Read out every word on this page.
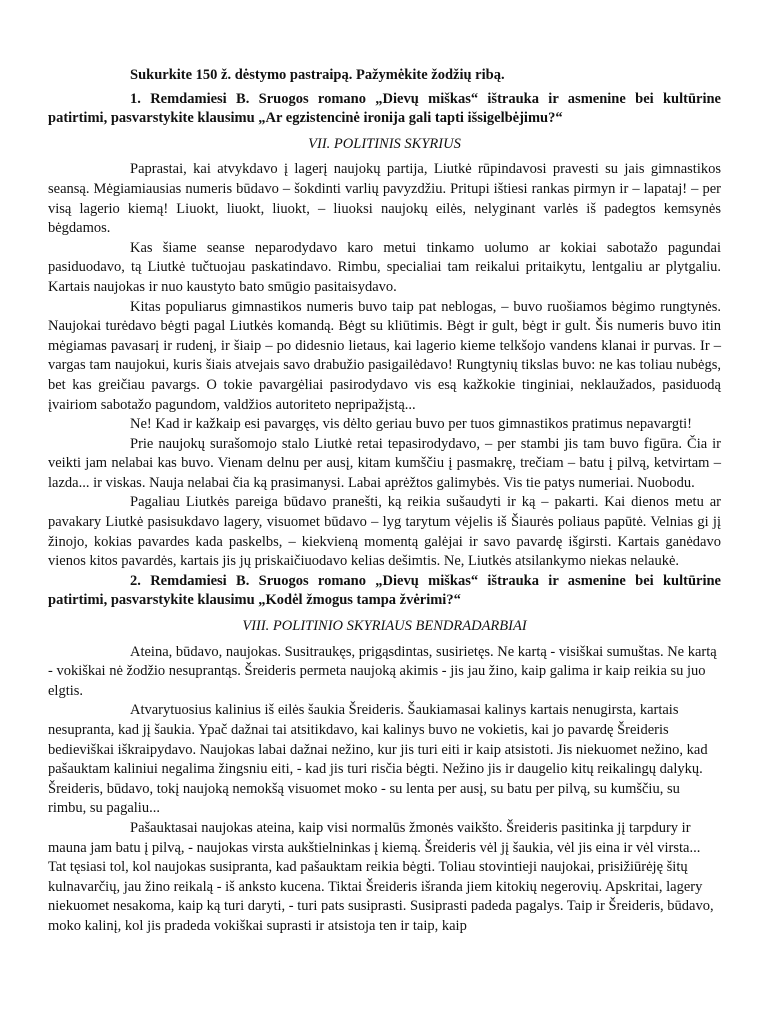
Sukurkite 150 ž. dėstymo pastraipą. Pažymėkite žodžių ribą.

1. Remdamiesi B. Sruogos romano „Dievų miškas“ ištrauka ir asmenine bei kultūrine patirtimi, pasvarstykite klausimu „Ar egzistencinė ironija gali tapti išsigelbėjimu?“

VII. POLITINIS SKYRIUS

Paprastai, kai atvykdavo į lagerį naujokų partija, Liutkė rūpindavosi pravesti su jais gimnastikos seansą. Mėgiamiausias numeris būdavo – šokdinti varlių pavyzdžiu. Pritupi ištiesi rankas pirmyn ir – lapataj! – per visą lagerio kiemą! Liuokt, liuokt, liuokt, – liuoksi naujokų eilės, nelyginant varlės iš padegtos kemsynės bėgdamos.

Kas šiame seanse neparodydavo karo metui tinkamo uolumo ar kokiai sabotažo pagundai pasiduodavo, tą Liutkė tučtuojau paskatindavo. Rimbu, specialiai tam reikalui pritaikytu, lentgaliu ar plytgaliu. Kartais naujokas ir nuo kaustyto bato smūgio pasitaisydavo.

Kitas populiarus gimnastikos numeris buvo taip pat neblogas, – buvo ruošiamos bėgimo rungtynės. Naujokai turėdavo bėgti pagal Liutkės komandą. Bėgt su kliūtimis. Bėgt ir gult, bėgt ir gult. Šis numeris buvo itin mėgiamas pavasarį ir rudenį, ir šiaip – po didesnio lietaus, kai lagerio kieme telkšojo vandens klanai ir purvas. Ir – vargas tam naujokui, kuris šiais atvejais savo drabužio pasigailėdavo! Rungtynių tikslas buvo: ne kas toliau nubėgs, bet kas greičiau pavargs. O tokie pavargėliai pasirodydavo vis esą kažkokie tinginiai, neklaužados, pasiduodą įvairiom sabotažo pagundom, valdžios autoriteto nepripažįstą...

Ne! Kad ir kažkaip esi pavargęs, vis dėlto geriau buvo per tuos gimnastikos pratimus nepavargti!

Prie naujokų surašomojo stalo Liutkė retai tepasirodydavo, – per stambi jis tam buvo figūra. Čia ir veikti jam nelabai kas buvo. Vienam delnu per ausį, kitam kumščiu į pasmakrę, trečiam – batu į pilvą, ketvirtam – lazda... ir viskas. Nauja nelabai čia ką prasimanysi. Labai aprėžtos galimybės. Vis tie patys numeriai. Nuobodu.

Pagaliau Liutkės pareiga būdavo pranešti, ką reikia sušaudyti ir ką – pakarti. Kai dienos metu ar pavakary Liutkė pasisukdavo lagery, visuomet būdavo – lyg tarytum vėjelis iš Šiaurės poliaus papūtė. Velnias gi jį žinojo, kokias pavardes kada paskelbs, – kiekvieną momentą galėjai ir savo pavardę išgirsti. Kartais ganėdavo vienos kitos pavardės, kartais jis jų priskaičiuodavo kelias dešimtis. Ne, Liutkės atsilankymo niekas nelaukė.

2. Remdamiesi B. Sruogos romano „Dievų miškas“ ištrauka ir asmenine bei kultūrine patirtimi, pasvarstykite klausimu „Kodėl žmogus tampa žvėrimi?“

VIII. POLITINIO SKYRIAUS BENDRADARBIAI

Ateina, būdavo, naujokas. Susitraukęs, prigąsdintas, susirietęs. Ne kartą - visiškai sumuštas. Ne kartą - vokiškai nė žodžio nesuprantąs. Šreideris permeta naujoką akimis - jis jau žino, kaip galima ir kaip reikia su juo elgtis.

Atvarytuosius kalinius iš eilės šaukia Šreideris. Šaukiamasai kalinys kartais nenugirsta, kartais nesupranta, kad jį šaukia. Ypač dažnai tai atsitikdavo, kai kalinys buvo ne vokietis, kai jo pavardę Šreideris bedieviškai iškraipydavo. Naujokas labai dažnai nežino, kur jis turi eiti ir kaip atsistoti. Jis niekuomet nežino, kad pašauktam kaliniui negalima žingsniu eiti, - kad jis turi risčia bėgti. Nežino jis ir daugelio kitų reikalingų dalykų. Šreideris, būdavo, tokį naujoką nemokšą visuomet moko - su lenta per ausį, su batu per pilvą, su kumščiu, su rimbu, su pagaliu...

Pašauktasai naujokas ateina, kaip visi normalūs žmonės vaikšto. Šreideris pasitinka jį tarpdury ir mauna jam batu į pilvą, - naujokas virsta aukštielninkas į kiemą. Šreideris vėl jį šaukia, vėl jis eina ir vėl virsta... Tat tęsiasi tol, kol naujokas susipranta, kad pašauktam reikia bėgti. Toliau stovintieji naujokai, prisižiūrėję šitų kulnavarčių, jau žino reikalą - iš anksto kucena. Tiktai Šreideris išranda jiem kitokių negerovių. Apskritai, lagery niekuomet nesakoma, kaip ką turi daryti, - turi pats susiprasti. Susiprasti padeda pagalys. Taip ir Šreideris, būdavo, moko kalinį, kol jis pradeda vokiškai suprasti ir atsistoja ten ir taip, kaip
